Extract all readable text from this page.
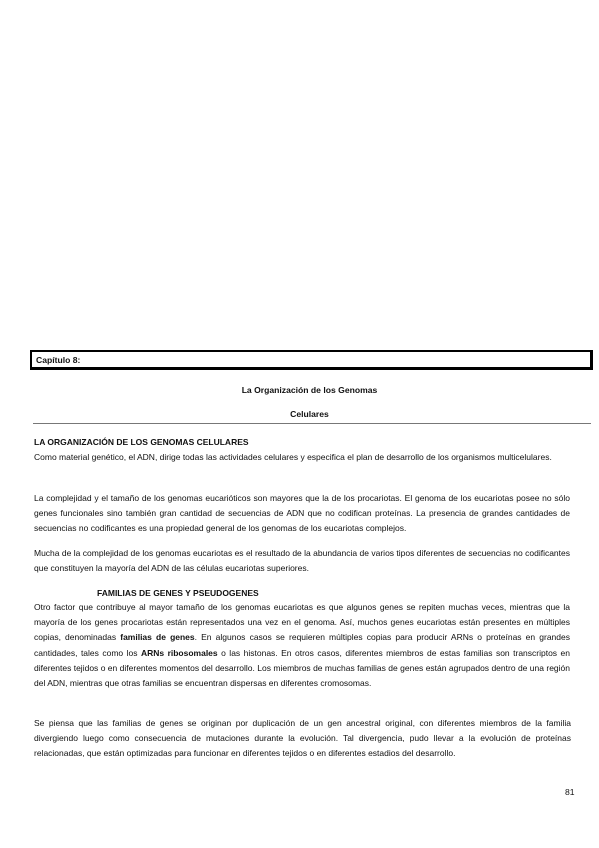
Capítulo 8:
La Organización de los Genomas
Celulares
LA ORGANIZACIÓN DE LOS GENOMAS CELULARES

Como material genético, el ADN, dirige todas las actividades celulares y especifica el plan de desarrollo de los organismos multicelulares.

La complejidad y el tamaño de los genomas eucarióticos son mayores que la de los procariotas. El genoma de los eucariotas posee no sólo genes funcionales sino también gran cantidad de secuencias de ADN que no codifican proteínas. La presencia de grandes cantidades de secuencias no codificantes es una propiedad general de los genomas de los eucariotas complejos.

Mucha de la complejidad de los genomas eucariotas es el resultado de la abundancia de varios tipos diferentes de secuencias no codificantes que constituyen la mayoría del ADN de las células eucariotas superiores.

FAMILIAS DE GENES Y PSEUDOGENES

Otro factor que contribuye al mayor tamaño de los genomas eucariotas es que algunos genes se repiten muchas veces, mientras que la mayoría de los genes procariotas están representados una vez en el genoma. Así, muchos genes eucariotas están presentes en múltiples copias, denominadas familias de genes. En algunos casos se requieren múltiples copias para producir ARNs o proteínas en grandes cantidades, tales como los ARNs ribosomales o las histonas. En otros casos, diferentes miembros de estas familias son transcriptos en diferentes tejidos o en diferentes momentos del desarrollo. Los miembros de muchas familias de genes están agrupados dentro de una región del ADN, mientras que otras familias se encuentran dispersas en diferentes cromosomas.

Se piensa que las familias de genes se originan por duplicación de un gen ancestral original, con diferentes miembros de la familia divergiendo luego como consecuencia de mutaciones durante la evolución. Tal divergencia, pudo llevar a la evolución de proteínas relacionadas, que están optimizadas para funcionar en diferentes tejidos o en diferentes estadios del desarrollo.

81
